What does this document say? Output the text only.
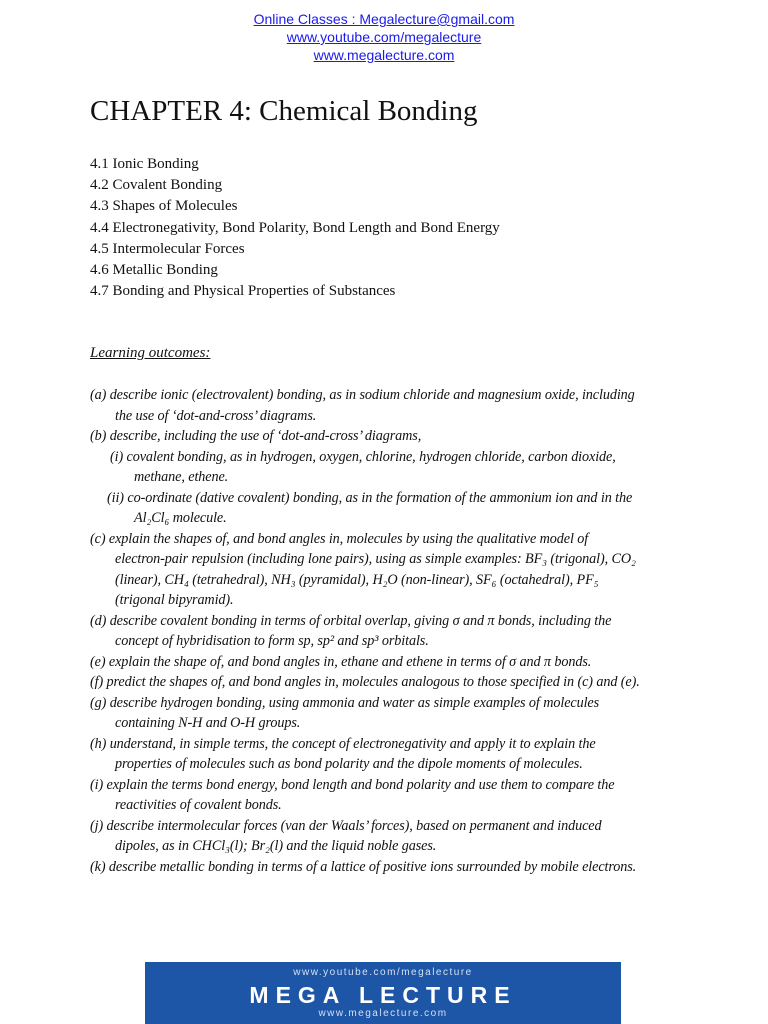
Online Classes : Megalecture@gmail.com
www.youtube.com/megalecture
www.megalecture.com
CHAPTER 4: Chemical Bonding
4.1 Ionic Bonding
4.2 Covalent Bonding
4.3 Shapes of Molecules
4.4 Electronegativity, Bond Polarity, Bond Length and Bond Energy
4.5 Intermolecular Forces
4.6 Metallic Bonding
4.7 Bonding and Physical Properties of Substances
Learning outcomes:
(a) describe ionic (electrovalent) bonding, as in sodium chloride and magnesium oxide, including
the use of ‘dot-and-cross’ diagrams.
(b) describe, including the use of ‘dot-and-cross’ diagrams,
(i) covalent bonding, as in hydrogen, oxygen, chlorine, hydrogen chloride, carbon dioxide,
methane, ethene.
(ii) co-ordinate (dative covalent) bonding, as in the formation of the ammonium ion and in the
Al₂Cl₆ molecule.
(c) explain the shapes of, and bond angles in, molecules by using the qualitative model of
electron-pair repulsion (including lone pairs), using as simple examples: BF₃ (trigonal), CO₂
(linear), CH₄ (tetrahedral), NH₃ (pyramidal), H₂O (non-linear), SF₆ (octahedral), PF₅
(trigonal bipyramid).
(d) describe covalent bonding in terms of orbital overlap, giving σ and π bonds, including the
concept of hybridisation to form sp, sp² and sp³ orbitals.
(e) explain the shape of, and bond angles in, ethane and ethene in terms of σ and π bonds.
(f) predict the shapes of, and bond angles in, molecules analogous to those specified in (c) and (e).
(g) describe hydrogen bonding, using ammonia and water as simple examples of molecules
containing N-H and O-H groups.
(h) understand, in simple terms, the concept of electronegativity and apply it to explain the
properties of molecules such as bond polarity and the dipole moments of molecules.
(i) explain the terms bond energy, bond length and bond polarity and use them to compare the
reactivities of covalent bonds.
(j) describe intermolecular forces (van der Waals’ forces), based on permanent and induced
dipoles, as in CHCl₃(l); Br₂(l) and the liquid noble gases.
(k) describe metallic bonding in terms of a lattice of positive ions surrounded by mobile electrons.
www.youtube.com/megalecture
MEGA LECTURE
www.megalecture.com
